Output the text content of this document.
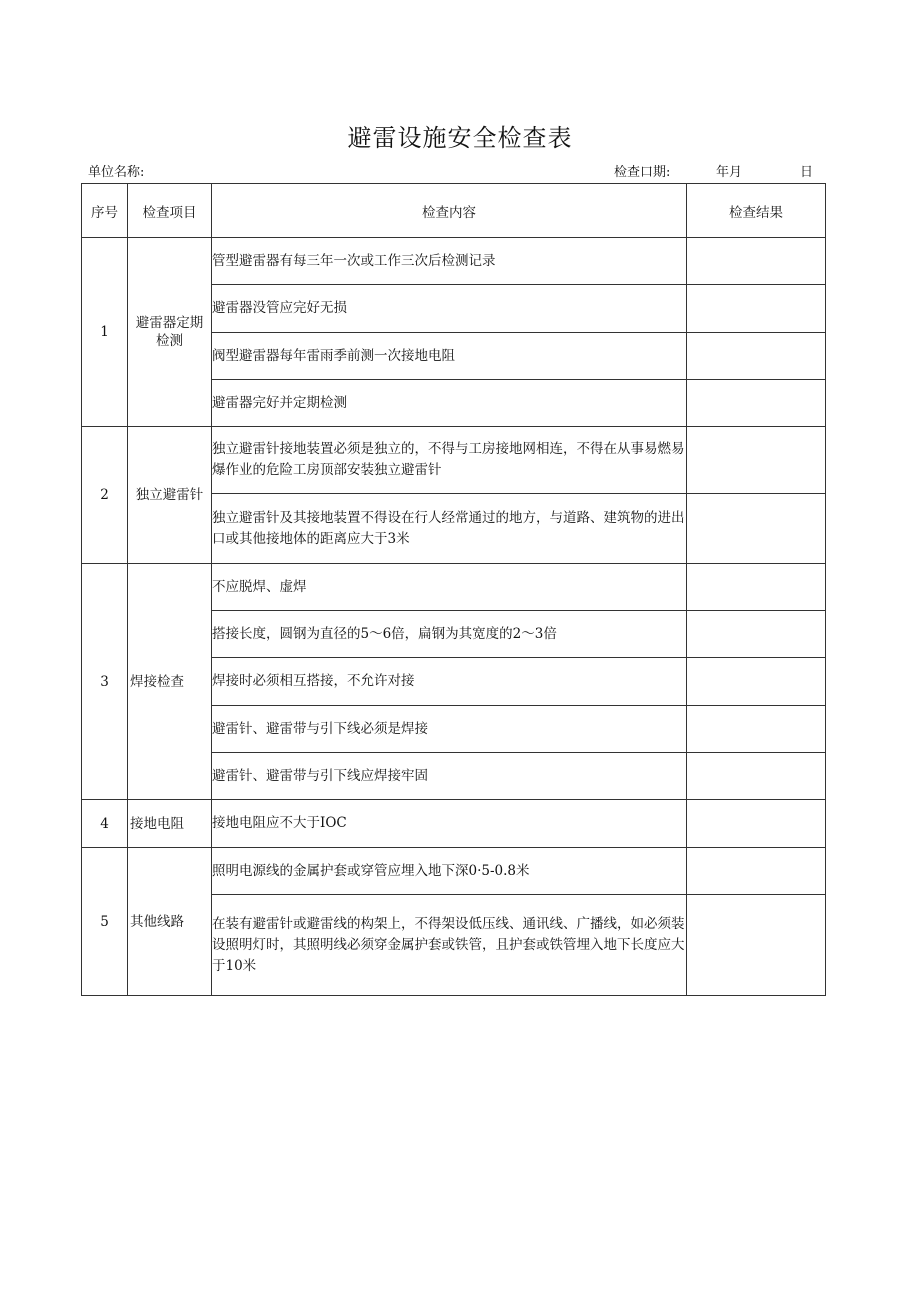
避雷设施安全检查表
单位名称:	检查口期:	年月	日
序号	检查项目	检查内容	检查结果
1	避雷器定期检测	管型避雷器有每三年一次或工作三次后检测记录	
		避雷器没管应完好无损	
		阀型避雷器每年雷雨季前测一次接地电阻	
		避雷器完好并定期检测	
2	独立避雷针	独立避雷针接地装置必须是独立的，不得与工房接地网相连，不得在从事易燃易爆作业的危险工房顶部安装独立避雷针	
		独立避雷针及其接地装置不得设在行人经常通过的地方，与道路、建筑物的进出口或其他接地体的距离应大于3米	
3	焊接检查	不应脱焊、虚焊	
		搭接长度，圆钢为直径的5～6倍，扁钢为其宽度的2～3倍	
		焊接时必须相互搭接，不允许对接	
		避雷针、避雷带与引下线必须是焊接	
		避雷针、避雷带与引下线应焊接牢固	
4	接地电阻	接地电阻应不大于IOC	
5	其他线路	照明电源线的金属护套或穿管应埋入地下深0·5-0.8米	
		在装有避雷针或避雷线的构架上，不得架设低压线、通讯线、广播线，如必须装设照明灯时，其照明线必须穿金属护套或铁管，且护套或铁管埋入地下长度应大于10米	
